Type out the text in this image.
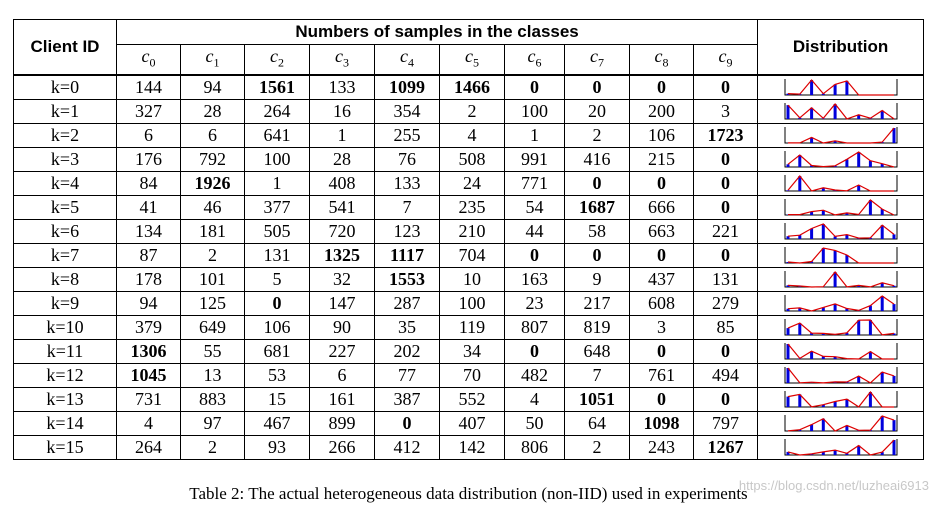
Client ID	Numbers of samples in the classes										Distribution
	$c_0$	$c_1$	$c_2$	$c_3$	$c_4$	$c_5$	$c_6$	$c_7$	$c_8$	$c_9$
k=0	144	94	1561	133	1099	1466	0	0	0	0	

k=1	327	28	264	16	354	2	100	20	200	3	

k=2	6	6	641	1	255	4	1	2	106	1723	

k=3	176	792	100	28	76	508	991	416	215	0	

k=4	84	1926	1	408	133	24	771	0	0	0	

k=5	41	46	377	541	7	235	54	1687	666	0	

k=6	134	181	505	720	123	210	44	58	663	221	

k=7	87	2	131	1325	1117	704	0	0	0	0	

k=8	178	101	5	32	1553	10	163	9	437	131	

k=9	94	125	0	147	287	100	23	217	608	279	

k=10	379	649	106	90	35	119	807	819	3	85	

k=11	1306	55	681	227	202	34	0	648	0	0	

k=12	1045	13	53	6	77	70	482	7	761	494	

k=13	731	883	15	161	387	552	4	1051	0	0	

k=14	4	97	467	899	0	407	50	64	1098	797	

k=15	264	2	93	266	412	142	806	2	243	1267	
Table 2: The actual heterogeneous data distribution (non-IID) used in experiments
https://blog.csdn.net/luzheai6913
